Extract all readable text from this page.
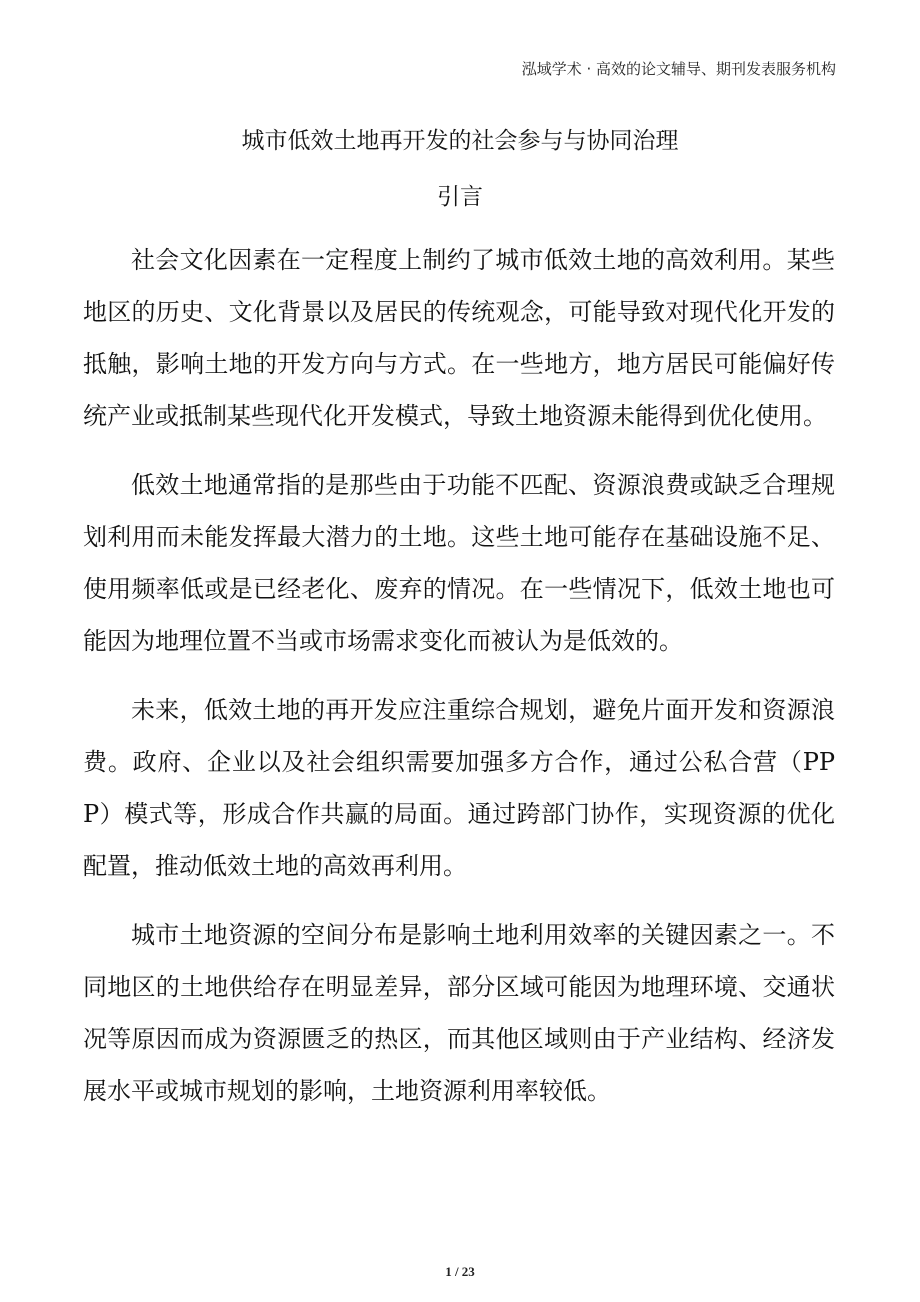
泓域学术 · 高效的论文辅导、期刊发表服务机构
城市低效土地再开发的社会参与与协同治理
引言

社会文化因素在一定程度上制约了城市低效土地的高效利用。某些地区的历史、文化背景以及居民的传统观念，可能导致对现代化开发的抵触，影响土地的开发方向与方式。在一些地方，地方居民可能偏好传统产业或抵制某些现代化开发模式，导致土地资源未能得到优化使用。

低效土地通常指的是那些由于功能不匹配、资源浪费或缺乏合理规划利用而未能发挥最大潜力的土地。这些土地可能存在基础设施不足、使用频率低或是已经老化、废弃的情况。在一些情况下，低效土地也可能因为地理位置不当或市场需求变化而被认为是低效的。

未来，低效土地的再开发应注重综合规划，避免片面开发和资源浪费。政府、企业以及社会组织需要加强多方合作，通过公私合营（PPP）模式等，形成合作共赢的局面。通过跨部门协作，实现资源的优化配置，推动低效土地的高效再利用。

城市土地资源的空间分布是影响土地利用效率的关键因素之一。不同地区的土地供给存在明显差异，部分区域可能因为地理环境、交通状况等原因而成为资源匮乏的热区，而其他区域则由于产业结构、经济发展水平或城市规划的影响，土地资源利用率较低。

1 / 23
